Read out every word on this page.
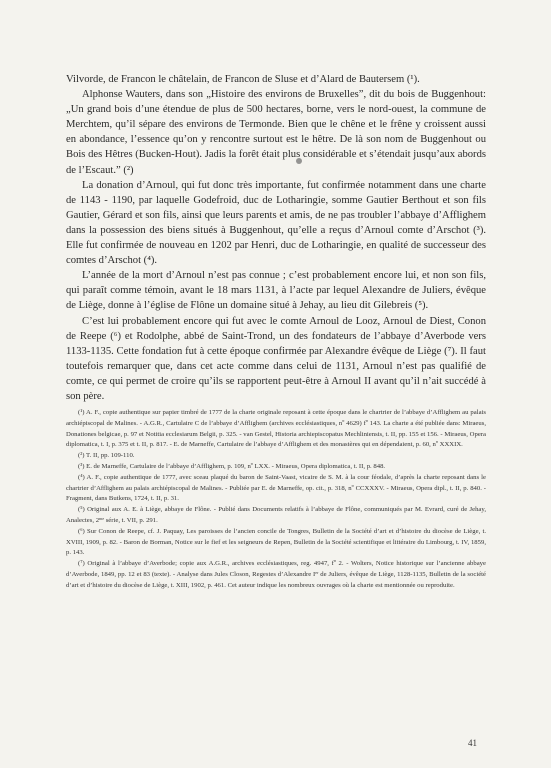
Vilvorde, de Francon le châtelain, de Francon de Sluse et d’Alard de Bautersem (¹).

Alphonse Wauters, dans son „Histoire des environs de Bruxelles”, dit du bois de Buggenhout: „Un grand bois d’une étendue de plus de 500 hectares, borne, vers le nord-ouest, la commune de Merchtem, qu’il sépare des environs de Termonde. Bien que le chêne et le frêne y croissent aussi en abondance, l’essence qu’on y rencontre surtout est le hêtre. De là son nom de Buggenhout ou Bois des Hêtres (Bucken-Hout). Jadis la forêt était plus considérable et s’étendait jusqu’aux abords de l’Escaut.” (²)

La donation d’Arnoul, qui fut donc très importante, fut confirmée notamment dans une charte de 1143 - 1190, par laquelle Godefroid, duc de Lotharingie, somme Gautier Berthout et son fils Gautier, Gérard et son fils, ainsi que leurs parents et amis, de ne pas troubler l’abbaye d’Afflighem dans la possession des biens situés à Buggenhout, qu’elle a reçus d’Arnoul comte d’Arschot (³). Elle fut confirmée de nouveau en 1202 par Henri, duc de Lotharingie, en qualité de successeur des comtes d’Arschot (⁴).

L’année de la mort d’Arnoul n’est pas connue ; c’est probablement encore lui, et non son fils, qui paraît comme témoin, avant le 18 mars 1131, à l’acte par lequel Alexandre de Juliers, évêque de Liège, donne à l’église de Flône un domaine situé à Jehay, au lieu dit Gilebreis (⁵).

C’est lui probablement encore qui fut avec le comte Arnoul de Looz, Arnoul de Diest, Conon de Reepe (⁶) et Rodolphe, abbé de Saint-Trond, un des fondateurs de l’abbaye d’Averbode vers 1133-1135. Cette fondation fut à cette époque confirmée par Alexandre évêque de Liège (⁷). Il faut toutefois remarquer que, dans cet acte comme dans celui de 1131, Arnoul n’est pas qualifié de comte, ce qui permet de croire qu’ils se rapportent peut-être à Arnoul II avant qu’il n’ait succédé à son père.

(¹) A. F., copie authentique sur papier timbré de 1777 de la charte originale reposant à cette époque dans le chartrier de l’abbaye d’Afflighem au palais archiépiscopal de Malines. - A.G.R., Cartulaire C de l’abbaye d’Afflighem (archives ecclésiastiques, nº 4629) fº 143. La charte a été publiée dans: Miraeus, Donationes belgicae, p. 97 et Notitia ecclesiarum Belgii, p. 325. - van Gestel, Historia archiepiscopatus Mechliniensis, t. II, pp. 155 et 156. - Miraeus, Opera diplomatica, t. I, p. 375 et t. II, p. 817. - E. de Marneffe, Cartulaire de l’abbaye d’Afflighem et des monastères qui en dépendaient, p. 60, nº XXXIX.

(²) T. II, pp. 109-110.

(³) E. de Marneffe, Cartulaire de l’abbaye d’Afflighem, p. 109, nº LXX. - Miraeus, Opera diplomatica, t. II, p. 848.

(⁴) A. F., copie authentique de 1777, avec sceau plaqué du baron de Saint-Vaast, vicaire de S. M. à la cour féodale, d’après la charte reposant dans le chartrier d’Afflighem au palais archiépiscopal de Malines. - Publiée par E. de Marneffe, op. cit., p. 318, nº CCXXXV. - Miraeus, Opera dipl., t. II, p. 840. - Fragment, dans Butkens, 1724, t. II, p. 31.

(⁵) Original aux A. E. à Liège, abbaye de Flône. - Publié dans Documents relatifs à l’abbaye de Flône, communiqués par M. Evrard, curé de Jehay, Analectes, 2ᵐᵉ série, t. VII, p. 291.

(⁶) Sur Conon de Reepe, cf. J. Paquay, Les paroisses de l’ancien concile de Tongres, Bulletin de la Société d’art et d’histoire du diocèse de Liège, t. XVIII, 1909, p. 82. - Baron de Borman, Notice sur le fief et les seigneurs de Repen, Bulletin de la Société scientifique et littéraire du Limbourg, t. IV, 1859, p. 143.

(⁷) Original à l’abbaye d’Averbode; copie aux A.G.R., archives ecclésiastiques, reg. 4947, fº 2. - Wolters, Notice historique sur l’ancienne abbaye d’Averbode, 1849, pp. 12 et 83 (texte). - Analyse dans Jules Closon, Regestes d’Alexandre Iᵉʳ de Juliers, évêque de Liège, 1128-1135, Bulletin de la société d’art et d’histoire du diocèse de Liège, t. XIII, 1902, p. 461. Cet auteur indique les nombreux ouvrages où la charte est mentionnée ou reproduite.

41
